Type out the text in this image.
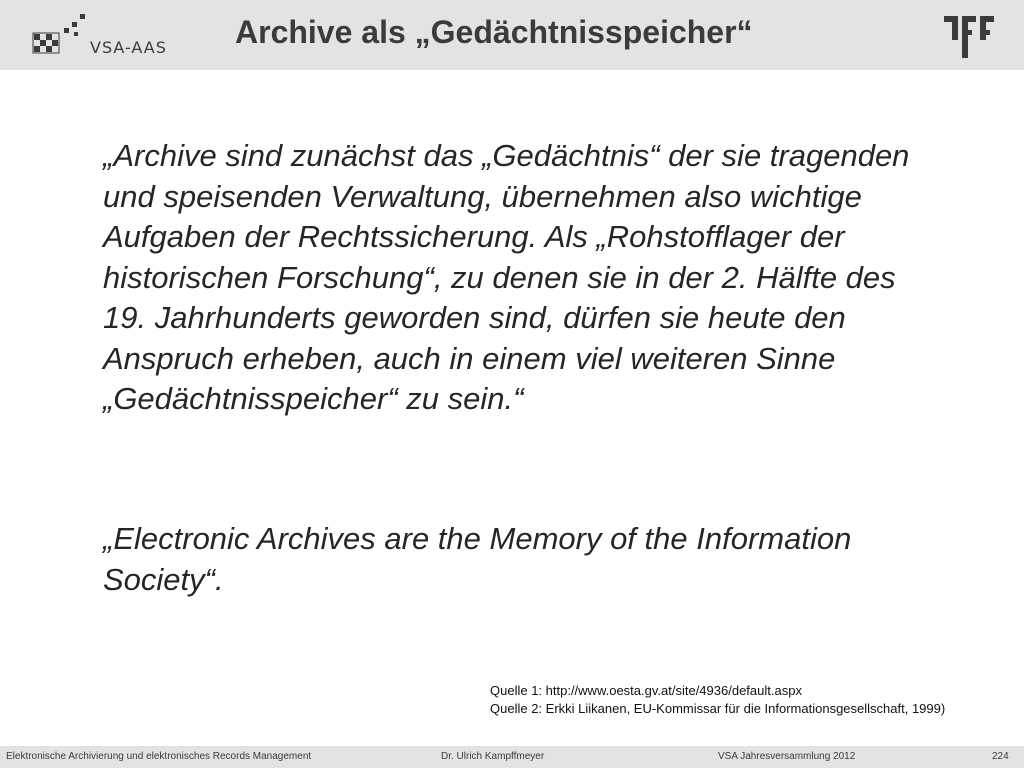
VSA-AAS Archive als „Gedächtnisspeicher“
„Archive sind zunächst das „Gedächtnis“ der sie tragenden und speisenden Verwaltung, übernehmen also wichtige Aufgaben der Rechtssicherung. Als „Rohstofflager der historischen Forschung“, zu denen sie in der 2. Hälfte des 19. Jahrhunderts geworden sind, dürfen sie heute den Anspruch erheben, auch in einem viel weiteren Sinne „Gedächtnisspeicher“ zu sein.“
„Electronic Archives are the Memory of the Information Society“.
Quelle 1: http://www.oesta.gv.at/site/4936/default.aspx
Quelle 2: Erkki Liikanen, EU-Kommissar für die Informationsgesellschaft, 1999)
Elektronische Archivierung und elektronisches Records Management	Dr. Ulrich Kampffmeyer	VSA Jahresversammlung 2012	224
